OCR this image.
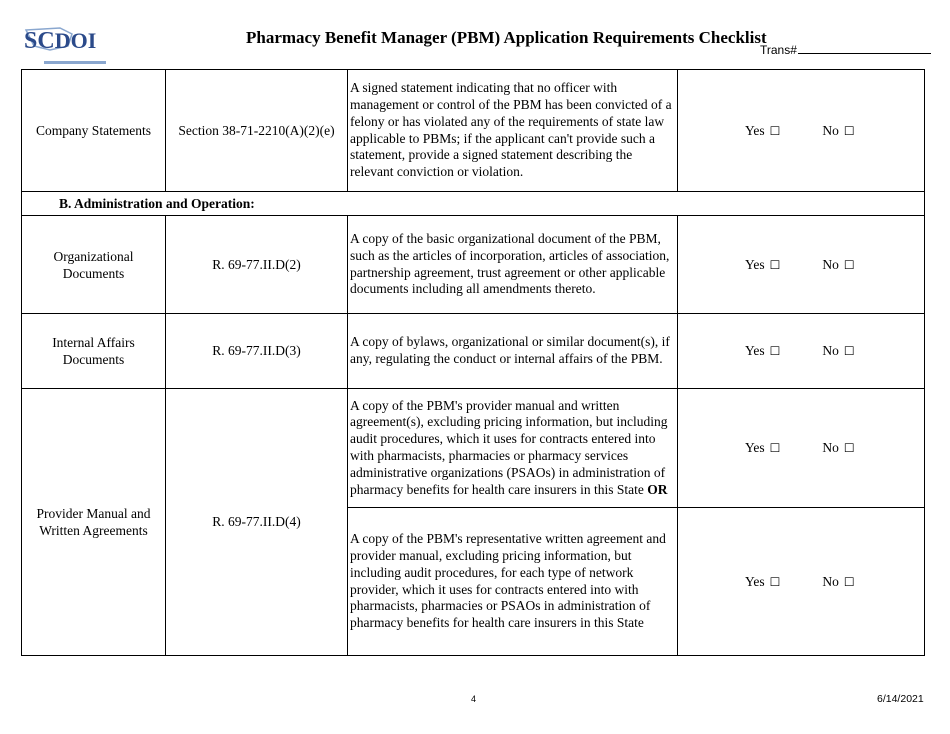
SCDOI	Pharmacy Benefit Manager (PBM) Application Requirements Checklist
Trans#
Company Statements	Section 38-71-2210(A)(2)(e)	A signed statement indicating that no officer with management or control of the PBM has been convicted of a felony or has violated any of the requirements of state law applicable to PBMs; if the applicant can't provide such a statement, provide a signed statement describing the relevant conviction or violation.	Yes ☐ No ☐
B. Administration and Operation:			
Organizational Documents	R. 69-77.II.D(2)	A copy of the basic organizational document of the PBM, such as the articles of incorporation, articles of association, partnership agreement, trust agreement or other applicable documents including all amendments thereto.	Yes ☐ No ☐
Internal Affairs Documents	R. 69-77.II.D(3)	A copy of bylaws, organizational or similar document(s), if any, regulating the conduct or internal affairs of the PBM.	Yes ☐ No ☐
Provider Manual and Written Agreements	R. 69-77.II.D(4)	A copy of the PBM's provider manual and written agreement(s), excluding pricing information, but including audit procedures, which it uses for contracts entered into with pharmacists, pharmacies or pharmacy services administrative organizations (PSAOs) in administration of pharmacy benefits for health care insurers in this State OR	Yes ☐ No ☐
		A copy of the PBM's representative written agreement and provider manual, excluding pricing information, but including audit procedures, for each type of network provider, which it uses for contracts entered into with pharmacists, pharmacies or PSAOs in administration of pharmacy benefits for health care insurers in this State	Yes ☐ No ☐
4	6/14/2021
